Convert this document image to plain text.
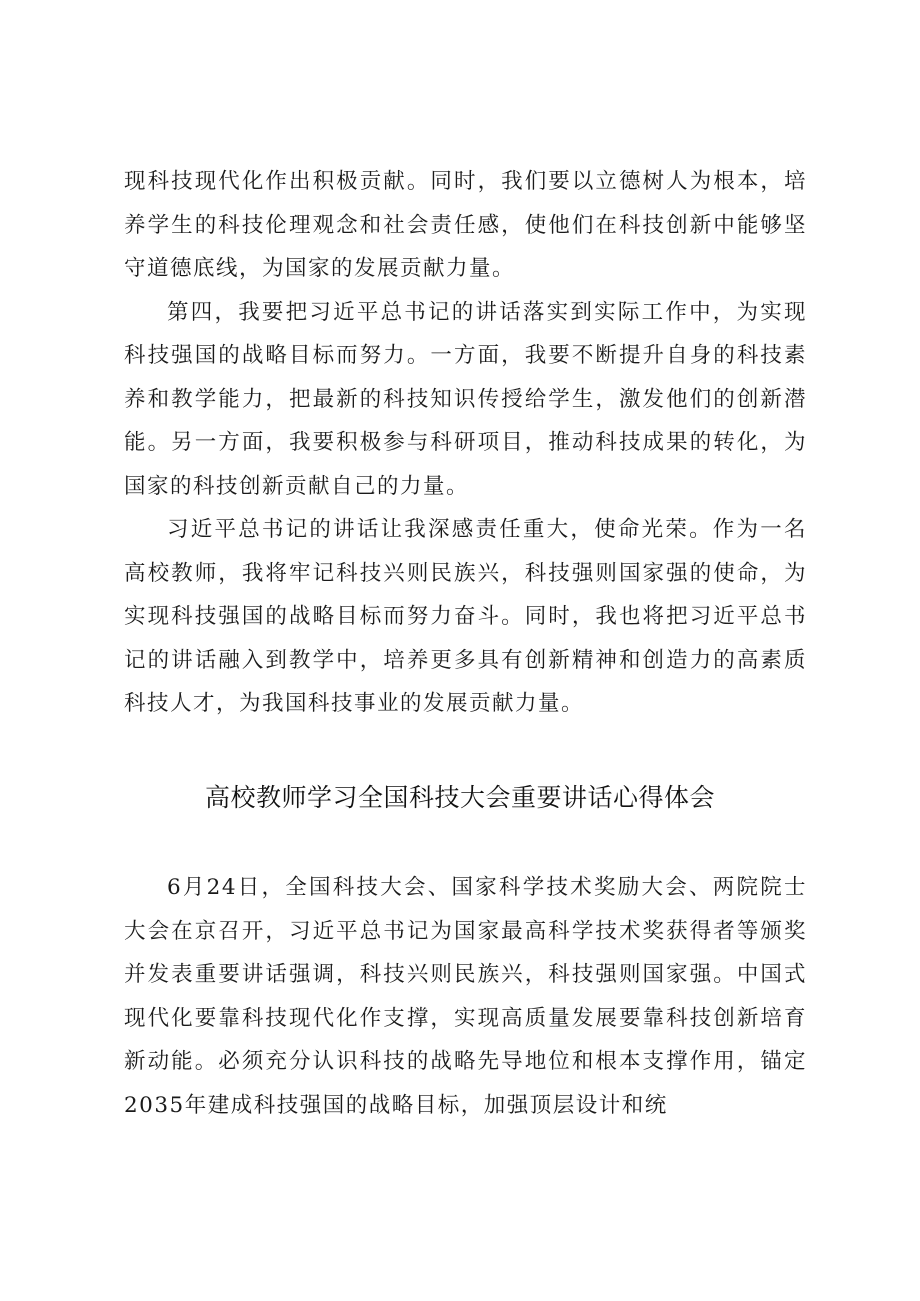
现科技现代化作出积极贡献。同时，我们要以立德树人为根本，培养学生的科技伦理观念和社会责任感，使他们在科技创新中能够坚守道德底线，为国家的发展贡献力量。

第四，我要把习近平总书记的讲话落实到实际工作中，为实现科技强国的战略目标而努力。一方面，我要不断提升自身的科技素养和教学能力，把最新的科技知识传授给学生，激发他们的创新潜能。另一方面，我要积极参与科研项目，推动科技成果的转化，为国家的科技创新贡献自己的力量。

习近平总书记的讲话让我深感责任重大，使命光荣。作为一名高校教师，我将牢记科技兴则民族兴，科技强则国家强的使命，为实现科技强国的战略目标而努力奋斗。同时，我也将把习近平总书记的讲话融入到教学中，培养更多具有创新精神和创造力的高素质科技人才，为我国科技事业的发展贡献力量。

高校教师学习全国科技大会重要讲话心得体会

6月24日，全国科技大会、国家科学技术奖励大会、两院院士大会在京召开，习近平总书记为国家最高科学技术奖获得者等颁奖并发表重要讲话强调，科技兴则民族兴，科技强则国家强。中国式现代化要靠科技现代化作支撑，实现高质量发展要靠科技创新培育新动能。必须充分认识科技的战略先导地位和根本支撑作用，锚定2035年建成科技强国的战略目标，加强顶层设计和统
